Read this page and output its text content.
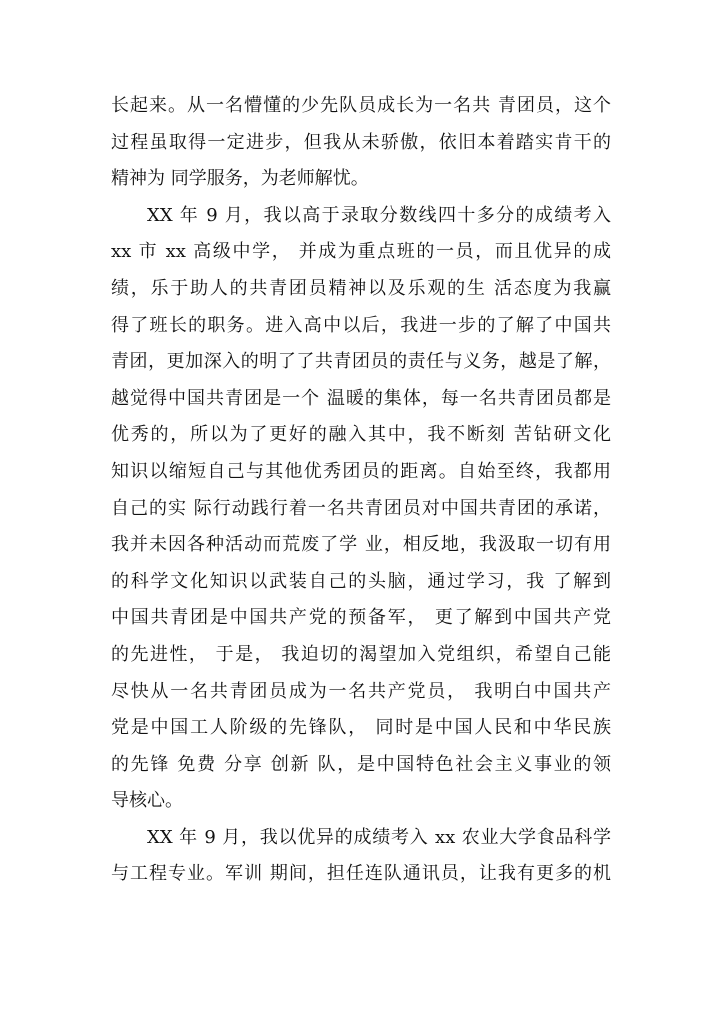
长起来。从一名懵懂的少先队员成长为一名共 青团员，这个
过程虽取得一定进步，但我从未骄傲，依旧本着踏实肯干的
精神为 同学服务，为老师解忧。
XX 年 9 月，我以高于录取分数线四十多分的成绩考入
xx 市 xx 高级中学， 并成为重点班的一员，而且优异的成
绩，乐于助人的共青团员精神以及乐观的生 活态度为我赢
得了班长的职务。进入高中以后，我进一步的了解了中国共
青团，更加深入的明了了共青团员的责任与义务，越是了解，
越觉得中国共青团是一个 温暖的集体，每一名共青团员都是
优秀的，所以为了更好的融入其中，我不断刻 苦钻研文化
知识以缩短自己与其他优秀团员的距离。自始至终，我都用
自己的实 际行动践行着一名共青团员对中国共青团的承诺，
我并未因各种活动而荒废了学 业，相反地，我汲取一切有用
的科学文化知识以武装自己的头脑，通过学习，我 了解到
中国共青团是中国共产党的预备军， 更了解到中国共产党
的先进性， 于是， 我迫切的渴望加入党组织，希望自己能
尽快从一名共青团员成为一名共产党员， 我明白中国共产
党是中国工人阶级的先锋队， 同时是中国人民和中华民族
的先锋 免费 分享 创新 队，是中国特色社会主义事业的领
导核心。
XX 年 9 月，我以优异的成绩考入 xx 农业大学食品科学
与工程专业。军训 期间，担任连队通讯员，让我有更多的机
